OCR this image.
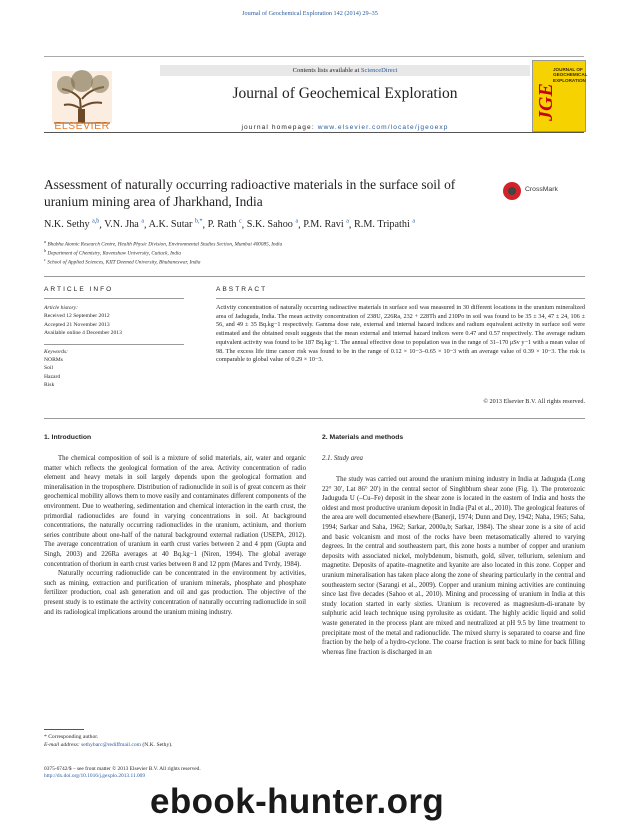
Journal of Geochemical Exploration 142 (2014) 29–35
ELSEVIER
Contents lists available at ScienceDirect
Journal of Geochemical Exploration
journal homepage: www.elsevier.com/locate/jgeoexp
JGE
JOURNAL OF GEOCHEMICAL EXPLORATION
Assessment of naturally occurring radioactive materials in the surface soil of uranium mining area of Jharkhand, India
CrossMark
N.K. Sethy $^{a,b}$, V.N. Jha $^a$, A.K. Sutar $^{b,*}$, P. Rath $^c$, S.K. Sahoo $^a$, P.M. Ravi $^a$, R.M. Tripathi $^a$
$^a$ Bhabha Atomic Research Centre, Health Physic Division, Environmental Studies Section, Mumbai 400085, India
$^b$ Department of Chemistry, Ravenshaw University, Cuttack, India
$^c$ School of Applied Sciences, KIIT Deemed University, Bhubaneswar, India
ARTICLE INFO	ABSTRACT
Article history:
Received 12 September 2012
Accepted 21 November 2013
Available online 4 December 2013
Keywords:
NORMs
Soil
Hazard
Risk
Activity concentration of naturally occurring radioactive materials in surface soil was measured in 30 different locations in the uranium mineralized area of Jaduguda, India. The mean activity concentration of 238U, 226Ra, 232 + 228Th and 210Po in soil was found to be 35 ± 34, 47 ± 24, 106 ± 56, and 49 ± 35 Bq.kg−1 respectively. Gamma dose rate, external and internal hazard indices and radium equivalent activity in surface soil were estimated and the obtained result suggests that the mean external and internal hazard indices were 0.47 and 0.57 respectively. The average radium equivalent activity was found to be 187 Bq.kg−1. The annual effective dose to population was in the range of 31–170 μSv y−1 with a mean value of 98. The excess life time cancer risk was found to be in the range of 0.12 × 10−3–0.65 × 10−3 with an average value of 0.39 × 10−3. The risk is comparable to global value of 0.29 × 10−3.
© 2013 Elsevier B.V. All rights reserved.
1. Introduction

The chemical composition of soil is a mixture of solid materials, air, water and organic matter which reflects the geological formation of the area. Activity concentration of radio element and heavy metals in soil largely depends upon the geological formation and mineralisation in the troposphere. Distribution of radionuclide in soil is of great concern as their geochemical mobility allows them to move easily and contaminates different components of the environment. Due to weathering, sedimentation and chemical interaction in the earth crust, the primordial radionuclides are found in varying concentrations in soil. At background concentrations, the naturally occurring radionuclides in the uranium, actinium, and thorium series contribute about one-half of the natural background external radiation (USEPA, 2012). The average concentration of uranium in earth crust varies between 2 and 4 ppm (Gupta and Singh, 2003) and 226Ra averages at 40 Bq.kg−1 (Niren, 1994). The global average concentration of thorium in earth crust varies between 8 and 12 ppm (Mares and Tvrdy, 1984).

Naturally occurring radionuclide can be concentrated in the environment by activities, such as mining, extraction and purification of uranium minerals, phosphate and phosphate fertilizer production, coal ash generation and oil and gas production. The objective of the present study is to estimate the activity concentration of naturally occurring radionuclide in soil and its radiological implications around the uranium mining industry.

2. Materials and methods
2.1. Study area

The study was carried out around the uranium mining industry in India at Jaduguda (Long 22° 30′, Lat 86° 20′) in the central sector of Singhbhum shear zone (Fig. 1). The proterozoic Jaduguda U (–Cu–Fe) deposit in the shear zone is located in the eastern of India and hosts the oldest and most productive uranium deposit in India (Pal et al., 2010). The geological features of the area are well documented elsewhere (Banerji, 1974; Dunn and Dey, 1942; Naha, 1965; Saha, 1994; Sarkar and Saha, 1962; Sarkar, 2000a,b; Sarkar, 1984). The shear zone is a site of acid and basic volcanism and most of the rocks have been metasomatically altered to varying degrees. In the central and southeastern part, this zone hosts a number of copper and uranium deposits with associated nickel, molybdenum, bismuth, gold, silver, tellurium, selenium and magnetite. Deposits of apatite–magnetite and kyanite are also located in this zone. Copper and uranium mineralisation has taken place along the zone of shearing particularly in the central and southeastern sector (Sarangi et al., 2009). Copper and uranium mining activities are continuing since last five decades (Sahoo et al., 2010). Mining and processing of uranium in India at this study location started in early sixties. Uranium is recovered as magnesium-di-uranate by sulphuric acid leach technique using pyrolusite as oxidant. The highly acidic liquid and solid waste generated in the process plant are mixed and neutralized at pH 9.5 by lime treatment to precipitate most of the metal and radionuclide. The mixed slurry is separated to coarse and fine fraction by the help of a hydro-cyclone. The coarse fraction is sent back to mine for back filling whereas fine fraction is discharged in an

* Corresponding author.
E-mail address: sethybarc@rediffmail.com (N.K. Sethy).
0375-6742/$ – see front matter © 2013 Elsevier B.V. All rights reserved.
http://dx.doi.org/10.1016/j.gexplo.2013.11.009
ebook-hunter.org
